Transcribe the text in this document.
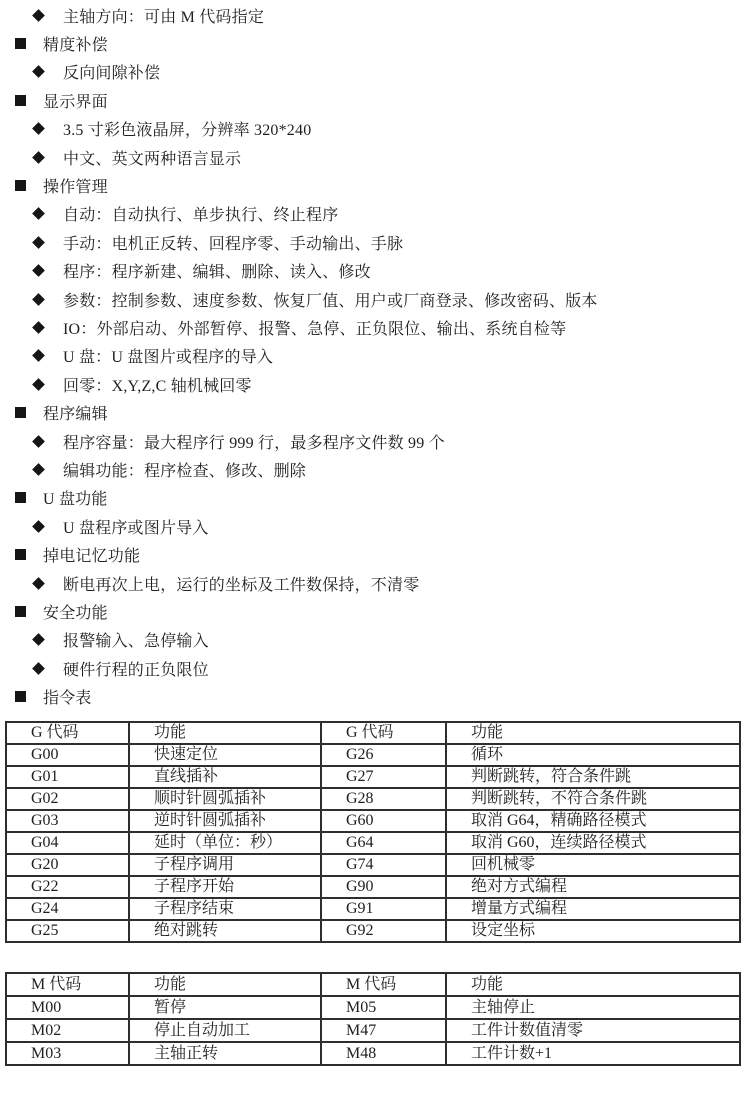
主轴方向：可由 M 代码指定
精度补偿
反向间隙补偿
显示界面
3.5 寸彩色液晶屏，分辨率 320*240
中文、英文两种语言显示
操作管理
自动：自动执行、单步执行、终止程序
手动：电机正反转、回程序零、手动输出、手脉
程序：程序新建、编辑、删除、读入、修改
参数：控制参数、速度参数、恢复厂值、用户或厂商登录、修改密码、版本
IO：外部启动、外部暂停、报警、急停、正负限位、输出、系统自检等
U 盘：U 盘图片或程序的导入
回零：X,Y,Z,C 轴机械回零
程序编辑
程序容量：最大程序行 999 行，最多程序文件数 99 个
编辑功能：程序检查、修改、删除
U 盘功能
U 盘程序或图片导入
掉电记忆功能
断电再次上电，运行的坐标及工件数保持，不清零
安全功能
报警输入、急停输入
硬件行程的正负限位
指令表
G 代码	功能	G 代码	功能
G00	快速定位	G26	循环
G01	直线插补	G27	判断跳转，符合条件跳
G02	顺时针圆弧插补	G28	判断跳转，不符合条件跳
G03	逆时针圆弧插补	G60	取消 G64，精确路径模式
G04	延时（单位：秒）	G64	取消 G60，连续路径模式
G20	子程序调用	G74	回机械零
G22	子程序开始	G90	绝对方式编程
G24	子程序结束	G91	增量方式编程
G25	绝对跳转	G92	设定坐标
M 代码	功能	M 代码	功能
M00	暂停	M05	主轴停止
M02	停止自动加工	M47	工件计数值清零
M03	主轴正转	M48	工件计数+1
